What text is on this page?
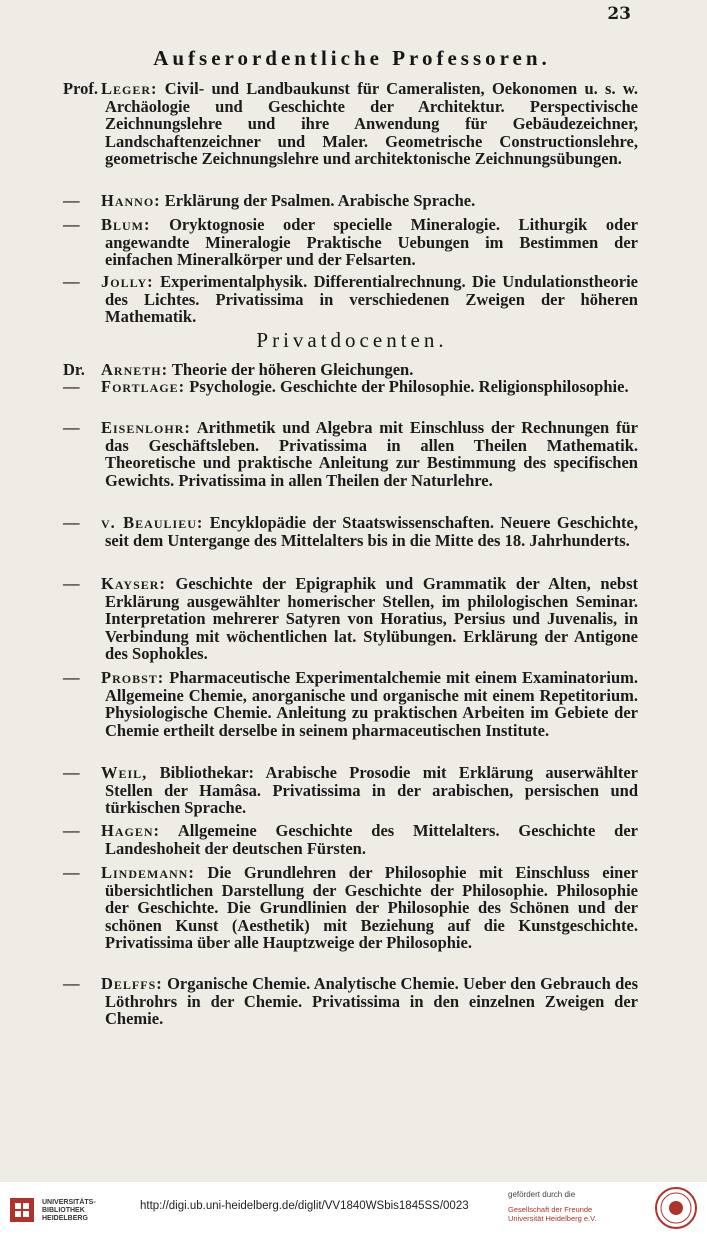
23
Aufserordentliche Professoren.
Privatdocenten.
Prof. Leger: Civil- und Landbaukunst für Cameralisten, Oekonomen u. s. w. Archäologie und Geschichte der Architektur. Perspectivische Zeichnungslehre und ihre Anwendung für Gebäudezeichner, Landschaftenzeichner und Maler. Geometrische Constructionslehre, geometrische Zeichnungslehre und architektonische Zeichnungsübungen.
— Hanno: Erklärung der Psalmen. Arabische Sprache.
— Blum: Oryktognosie oder specielle Mineralogie. Lithurgik oder angewandte Mineralogie Praktische Uebungen im Bestimmen der einfachen Mineralkörper und der Felsarten.
— Jolly: Experimentalphysik. Differentialrechnung. Die Undulationstheorie des Lichtes. Privatissima in verschiedenen Zweigen der höheren Mathematik.
Dr. Arneth: Theorie der höheren Gleichungen.
— Fortlage: Psychologie. Geschichte der Philosophie. Religionsphilosophie.
— Eisenlohr: Arithmetik und Algebra mit Einschluss der Rechnungen für das Geschäftsleben. Privatissima in allen Theilen Mathematik. Theoretische und praktische Anleitung zur Bestimmung des specifischen Gewichts. Privatissima in allen Theilen der Naturlehre.
— v. Beaulieu: Encyklopädie der Staatswissenschaften. Neuere Geschichte, seit dem Untergange des Mittelalters bis in die Mitte des 18. Jahrhunderts.
— Kayser: Geschichte der Epigraphik und Grammatik der Alten, nebst Erklärung ausgewählter homerischer Stellen, im philologischen Seminar. Interpretation mehrerer Satyren von Horatius, Persius und Juvenalis, in Verbindung mit wöchentlichen lat. Stylübungen. Erklärung der Antigone des Sophokles.
— Probst: Pharmaceutische Experimentalchemie mit einem Examinatorium. Allgemeine Chemie, anorganische und organische mit einem Repetitorium. Physiologische Chemie. Anleitung zu praktischen Arbeiten im Gebiete der Chemie ertheilt derselbe in seinem pharmaceutischen Institute.
— Weil, Bibliothekar: Arabische Prosodie mit Erklärung auserwählter Stellen der Hamâsa. Privatissima in der arabischen, persischen und türkischen Sprache.
— Hagen: Allgemeine Geschichte des Mittelalters. Geschichte der Landeshoheit der deutschen Fürsten.
— Lindemann: Die Grundlehren der Philosophie mit Einschluss einer übersichtlichen Darstellung der Geschichte der Philosophie. Philosophie der Geschichte. Die Grundlinien der Philosophie des Schönen und der schönen Kunst (Aesthetik) mit Beziehung auf die Kunstgeschichte. Privatissima über alle Hauptzweige der Philosophie.
— Delffs: Organische Chemie. Analytische Chemie. Ueber den Gebrauch des Löthrohrs in der Chemie. Privatissima in den einzelnen Zweigen der Chemie.
UNIVERSITÄTS-
BIBLIOTHEK
HEIDELBERG
http://digi.ub.uni-heidelberg.de/diglit/VV1840WSbis1845SS/0023
gefördert durch die
Gesellschaft der Freunde
Universität Heidelberg e.V.
